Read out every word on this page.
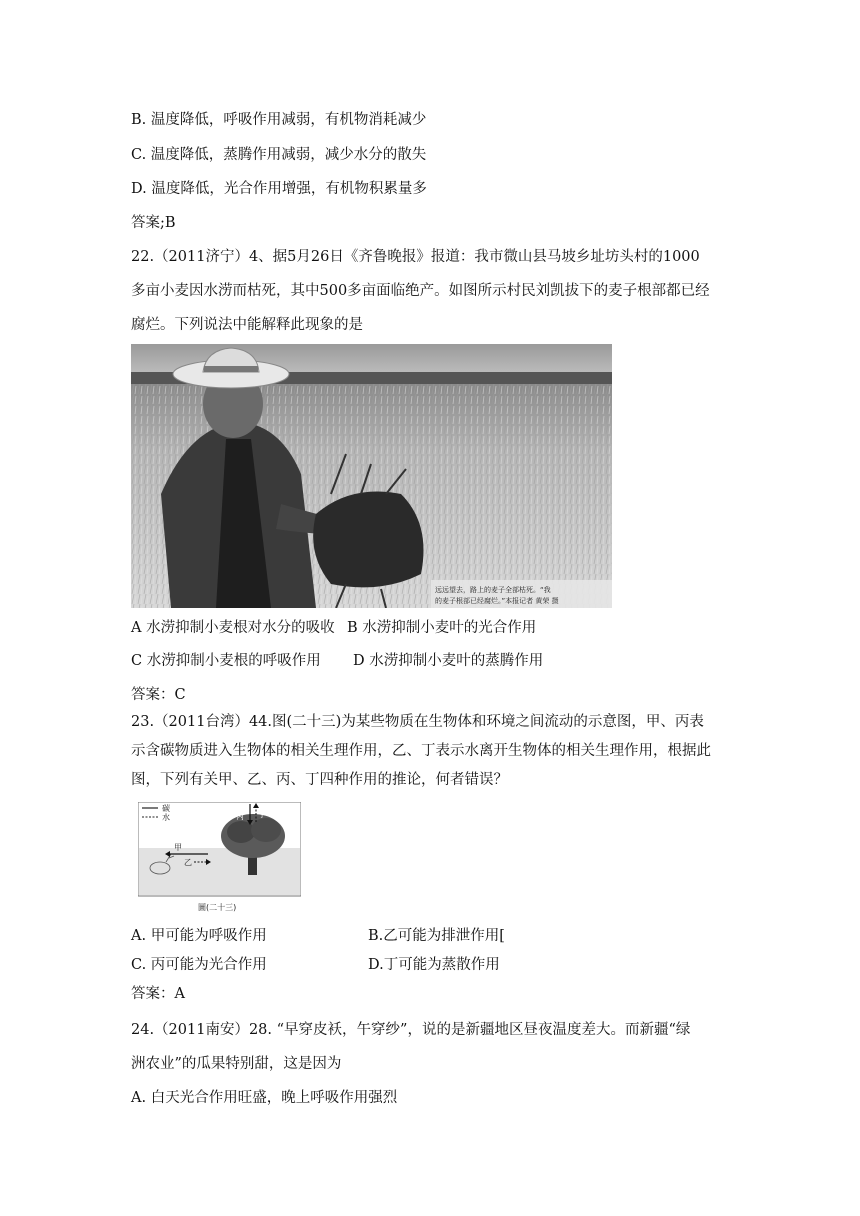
B. 温度降低，呼吸作用减弱，有机物消耗减少
C. 温度降低，蒸腾作用减弱，减少水分的散失
D. 温度降低，光合作用增强，有机物积累量多
答案;B
22.（2011济宁）4、据5月26日《齐鲁晚报》报道：我市微山县马坡乡址坊头村的1000
多亩小麦因水涝而枯死，其中500多亩面临绝产。如图所示村民刘凯拔下的麦子根部都已经
腐烂。下列说法中能解释此现象的是
远远望去，路上的麦子全部枯死。“我
的麦子根部已经腐烂。”本报记者 黄荣 摄
A 水涝抑制小麦根对水分的吸收 B 水涝抑制小麦叶的光合作用
C 水涝抑制小麦根的呼吸作用 D 水涝抑制小麦叶的蒸腾作用
答案：C
23.（2011台湾）44.图(二十三)为某些物质在生物体和环境之间流动的示意图，甲、丙表
示含碳物质进入生物体的相关生理作用，乙、丁表示水离开生物体的相关生理作用，根据此
图，下列有关甲、乙、丙、丁四种作用的推论，何者错误？
碳
水	丙 丁
甲
乙
圖(二十三)
A. 甲可能为呼吸作用	B.乙可能为排泄作用[
C. 丙可能为光合作用	D.丁可能为蒸散作用
答案：A
24.（2011南安）28. “早穿皮袄，午穿纱”，说的是新疆地区昼夜温度差大。而新疆“绿
洲农业”的瓜果特别甜，这是因为
A. 白天光合作用旺盛，晚上呼吸作用强烈
